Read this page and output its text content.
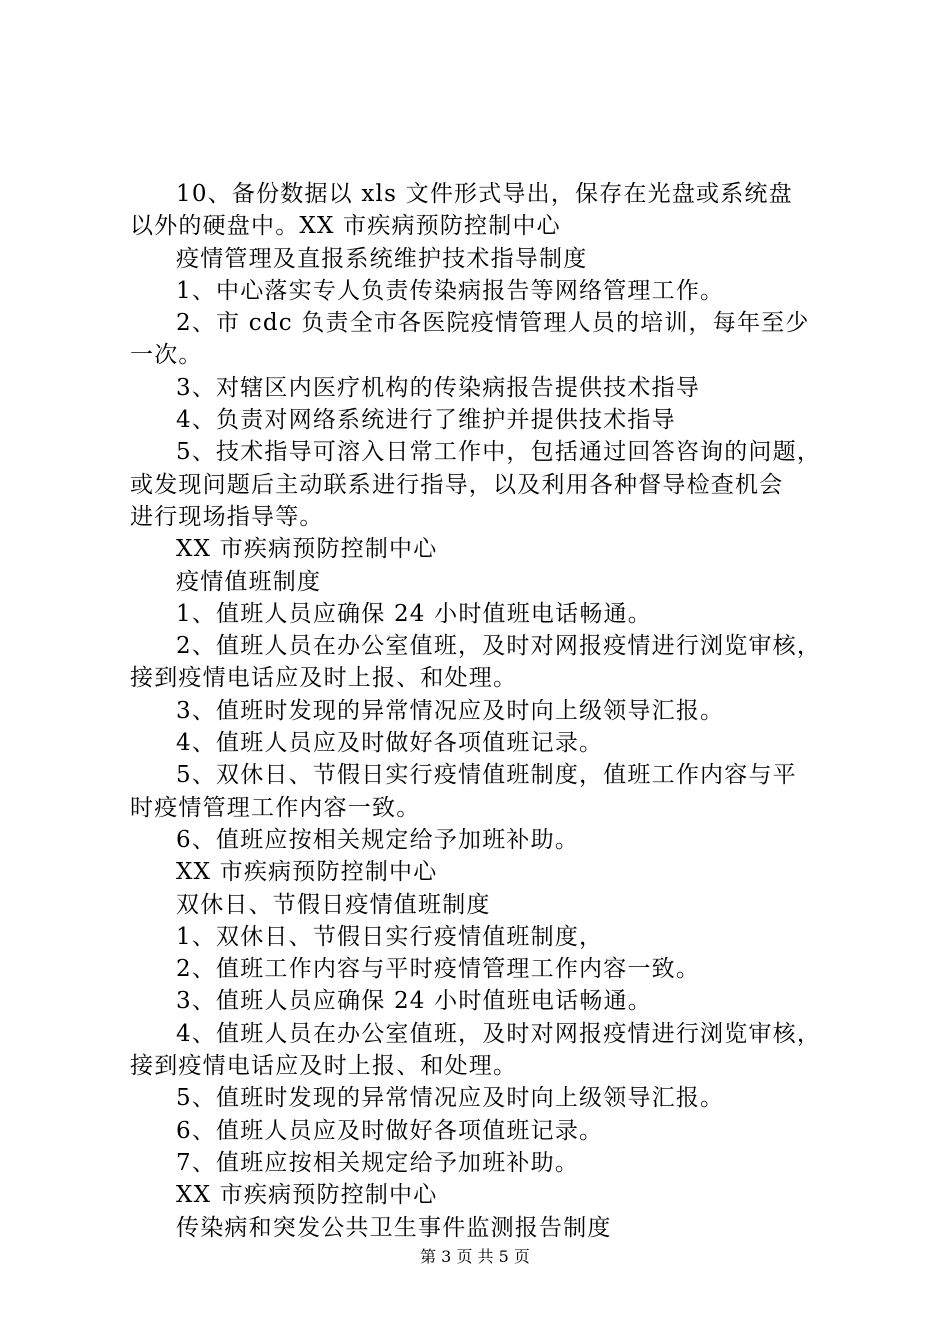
10、备份数据以 xls 文件形式导出，保存在光盘或系统盘
以外的硬盘中。XX 市疾病预防控制中心
疫情管理及直报系统维护技术指导制度
1、中心落实专人负责传染病报告等网络管理工作。
2、市 cdc 负责全市各医院疫情管理人员的培训，每年至少
一次。
3、对辖区内医疗机构的传染病报告提供技术指导
4、负责对网络系统进行了维护并提供技术指导
5、技术指导可溶入日常工作中，包括通过回答咨询的问题，
或发现问题后主动联系进行指导，以及利用各种督导检查机会
进行现场指导等。
XX 市疾病预防控制中心
疫情值班制度
1、值班人员应确保 24 小时值班电话畅通。
2、值班人员在办公室值班，及时对网报疫情进行浏览审核，
接到疫情电话应及时上报、和处理。
3、值班时发现的异常情况应及时向上级领导汇报。
4、值班人员应及时做好各项值班记录。
5、双休日、节假日实行疫情值班制度，值班工作内容与平
时疫情管理工作内容一致。
6、值班应按相关规定给予加班补助。
XX 市疾病预防控制中心
双休日、节假日疫情值班制度
1、双休日、节假日实行疫情值班制度，
2、值班工作内容与平时疫情管理工作内容一致。
3、值班人员应确保 24 小时值班电话畅通。
4、值班人员在办公室值班，及时对网报疫情进行浏览审核，
接到疫情电话应及时上报、和处理。
5、值班时发现的异常情况应及时向上级领导汇报。
6、值班人员应及时做好各项值班记录。
7、值班应按相关规定给予加班补助。
XX 市疾病预防控制中心
传染病和突发公共卫生事件监测报告制度
第 3 页 共 5 页
